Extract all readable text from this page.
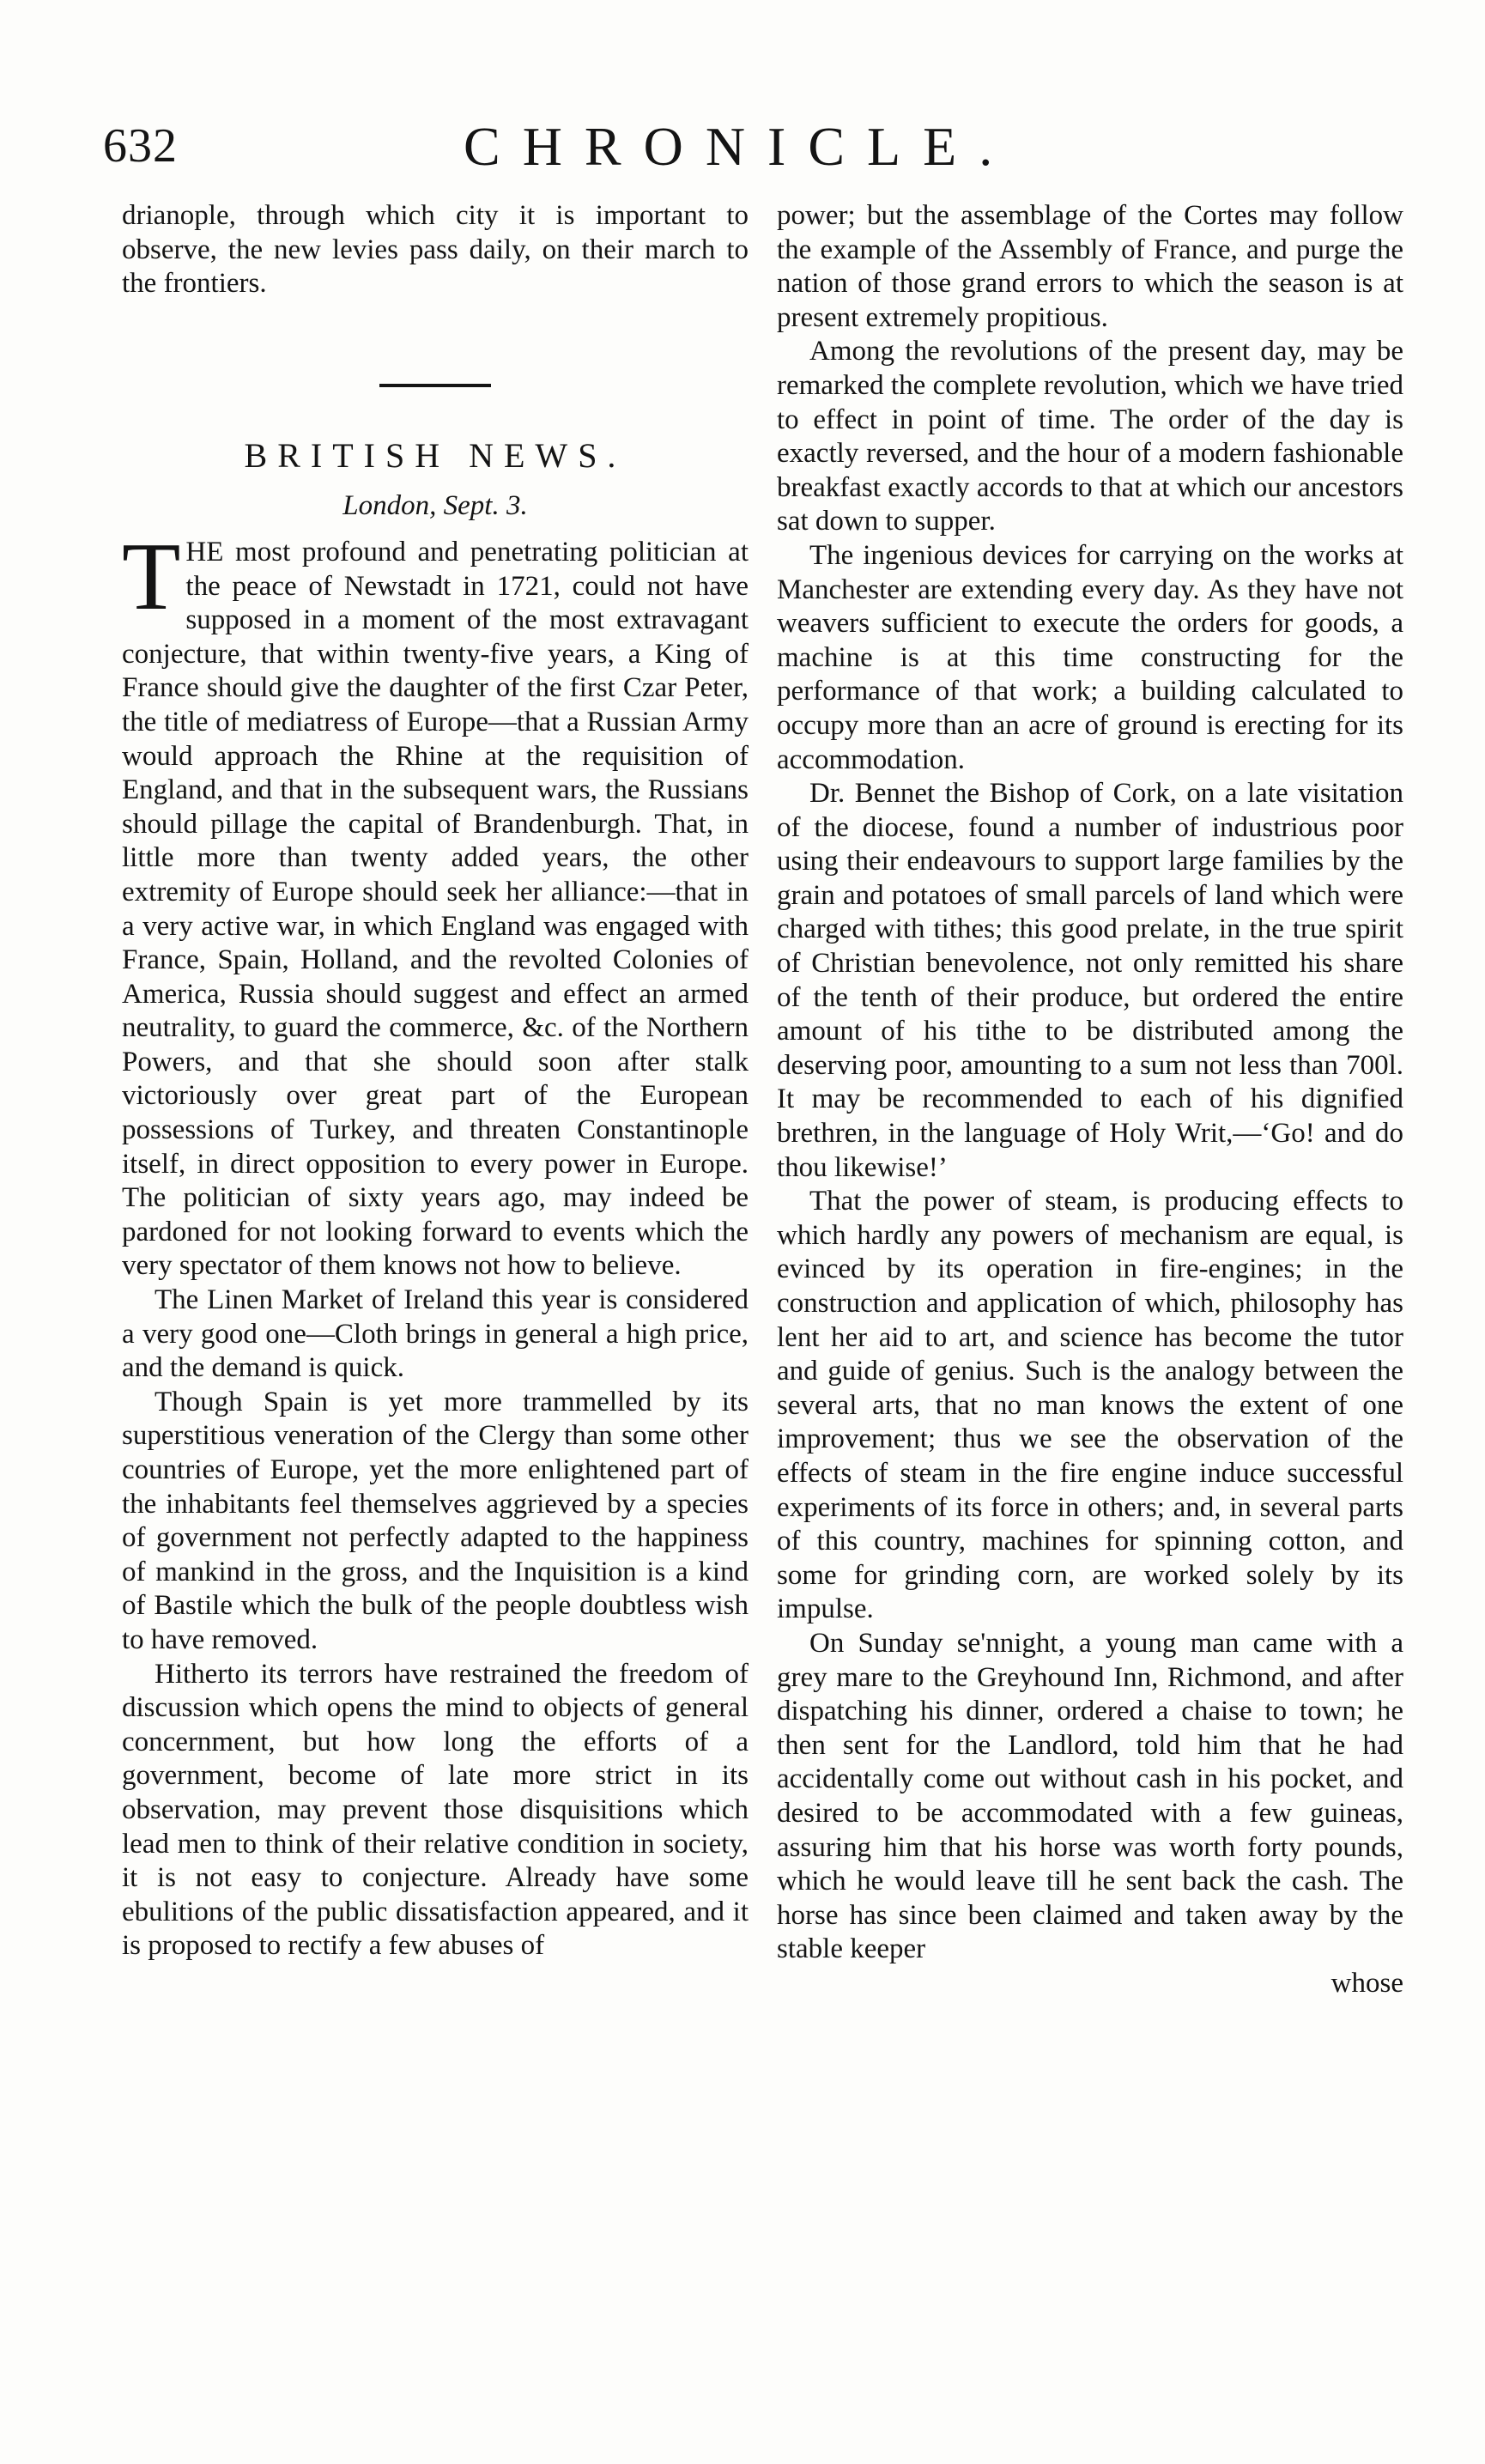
632	CHRONICLE.

drianople, through which city it is important to observe, the new levies pass daily, on their march to the frontiers.

BRITISH NEWS.
London, Sept. 3.

THE most profound and penetrating politician at the peace of Newstadt in 1721, could not have supposed in a moment of the most extravagant conjecture, that within twenty-five years, a King of France should give the daughter of the first Czar Peter, the title of mediatress of Europe—that a Russian Army would approach the Rhine at the requisition of England, and that in the subsequent wars, the Russians should pillage the capital of Brandenburgh. That, in little more than twenty added years, the other extremity of Europe should seek her alliance:—that in a very active war, in which England was engaged with France, Spain, Holland, and the revolted Colonies of America, Russia should suggest and effect an armed neutrality, to guard the commerce, &c. of the Northern Powers, and that she should soon after stalk victoriously over great part of the European possessions of Turkey, and threaten Constantinople itself, in direct opposition to every power in Europe. The politician of sixty years ago, may indeed be pardoned for not looking forward to events which the very spectator of them knows not how to believe.

The Linen Market of Ireland this year is considered a very good one—Cloth brings in general a high price, and the demand is quick.

Though Spain is yet more trammelled by its superstitious veneration of the Clergy than some other countries of Europe, yet the more enlightened part of the inhabitants feel themselves aggrieved by a species of government not perfectly adapted to the happiness of mankind in the gross, and the Inquisition is a kind of Bastile which the bulk of the people doubtless wish to have removed.

Hitherto its terrors have restrained the freedom of discussion which opens the mind to objects of general concernment, but how long the efforts of a government, become of late more strict in its observation, may prevent those disquisitions which lead men to think of their relative condition in society, it is not easy to conjecture. Already have some ebulitions of the public dissatisfaction appeared, and it is proposed to rectify a few abuses of

power; but the assemblage of the Cortes may follow the example of the Assembly of France, and purge the nation of those grand errors to which the season is at present extremely propitious.

Among the revolutions of the present day, may be remarked the complete revolution, which we have tried to effect in point of time. The order of the day is exactly reversed, and the hour of a modern fashionable breakfast exactly accords to that at which our ancestors sat down to supper.

The ingenious devices for carrying on the works at Manchester are extending every day. As they have not weavers sufficient to execute the orders for goods, a machine is at this time constructing for the performance of that work; a building calculated to occupy more than an acre of ground is erecting for its accommodation.

Dr. Bennet the Bishop of Cork, on a late visitation of the diocese, found a number of industrious poor using their endeavours to support large families by the grain and potatoes of small parcels of land which were charged with tithes; this good prelate, in the true spirit of Christian benevolence, not only remitted his share of the tenth of their produce, but ordered the entire amount of his tithe to be distributed among the deserving poor, amounting to a sum not less than 700l. It may be recommended to each of his dignified brethren, in the language of Holy Writ,—‘Go! and do thou likewise!’

That the power of steam, is producing effects to which hardly any powers of mechanism are equal, is evinced by its operation in fire-engines; in the construction and application of which, philosophy has lent her aid to art, and science has become the tutor and guide of genius. Such is the analogy between the several arts, that no man knows the extent of one improvement; thus we see the observation of the effects of steam in the fire engine induce successful experiments of its force in others; and, in several parts of this country, machines for spinning cotton, and some for grinding corn, are worked solely by its impulse.

On Sunday se'nnight, a young man came with a grey mare to the Greyhound Inn, Richmond, and after dispatching his dinner, ordered a chaise to town; he then sent for the Landlord, told him that he had accidentally come out without cash in his pocket, and desired to be accommodated with a few guineas, assuring him that his horse was worth forty pounds, which he would leave till he sent back the cash. The horse has since been claimed and taken away by the stable keeper

whose
